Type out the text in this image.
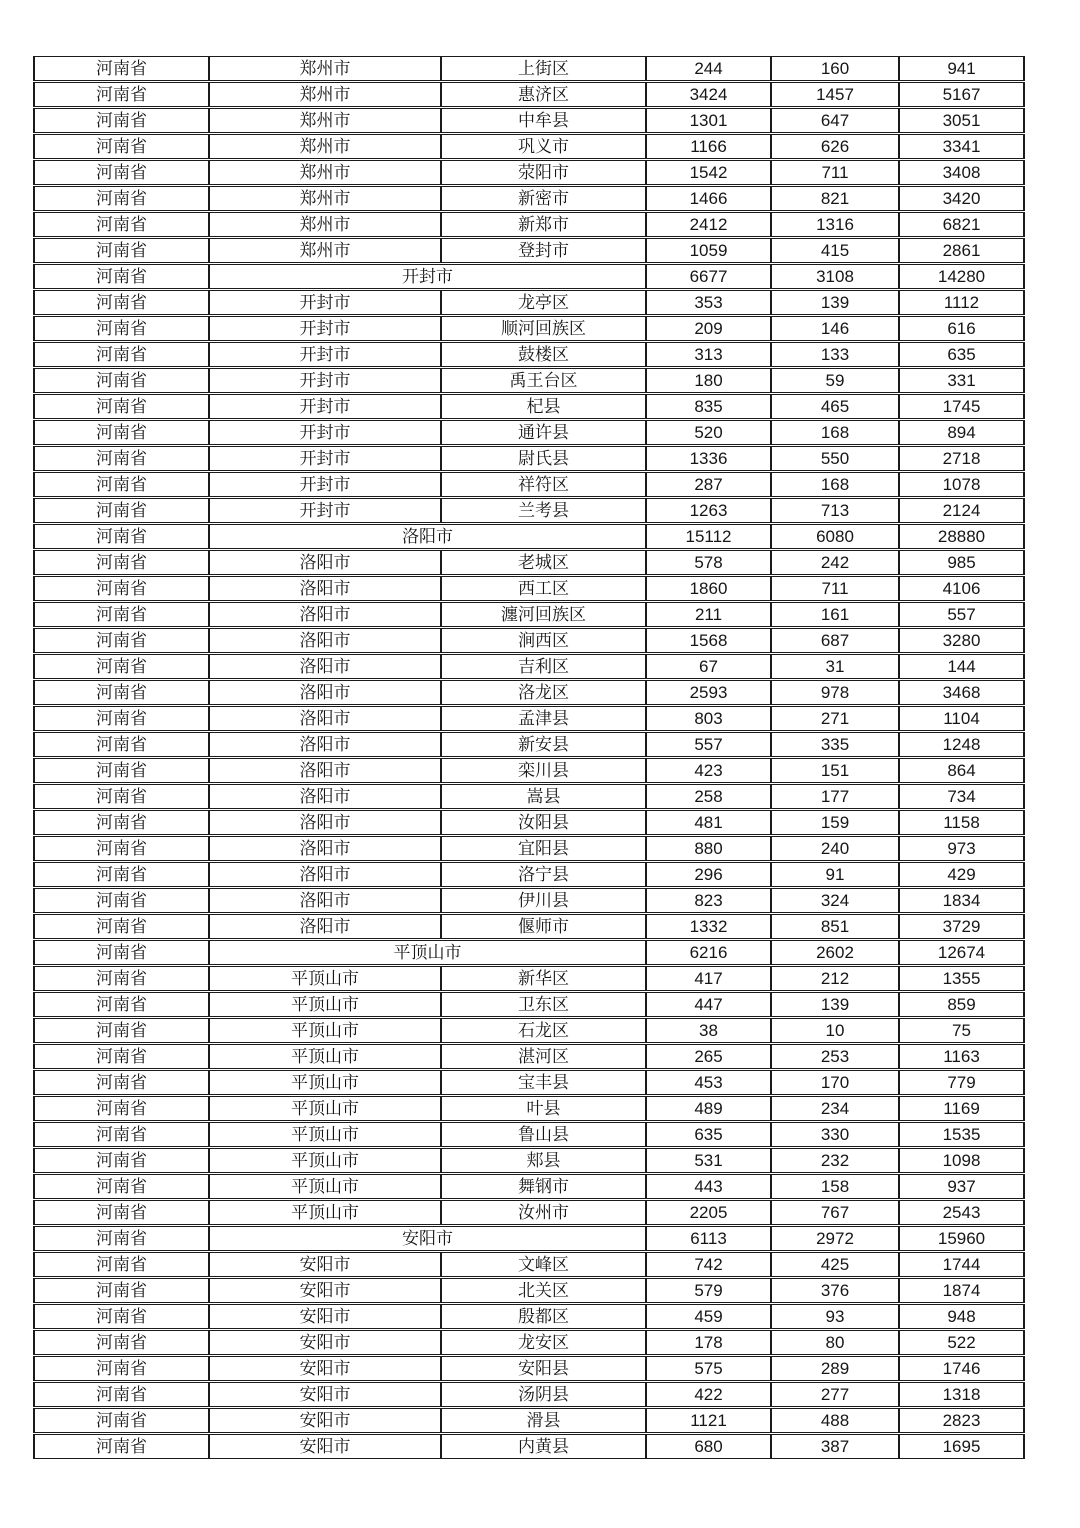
河南省	郑州市	上街区	244	160	941
河南省	郑州市	惠济区	3424	1457	5167
河南省	郑州市	中牟县	1301	647	3051
河南省	郑州市	巩义市	1166	626	3341
河南省	郑州市	荥阳市	1542	711	3408
河南省	郑州市	新密市	1466	821	3420
河南省	郑州市	新郑市	2412	1316	6821
河南省	郑州市	登封市	1059	415	2861
河南省	开封市		6677	3108	14280
河南省	开封市	龙亭区	353	139	1112
河南省	开封市	顺河回族区	209	146	616
河南省	开封市	鼓楼区	313	133	635
河南省	开封市	禹王台区	180	59	331
河南省	开封市	杞县	835	465	1745
河南省	开封市	通许县	520	168	894
河南省	开封市	尉氏县	1336	550	2718
河南省	开封市	祥符区	287	168	1078
河南省	开封市	兰考县	1263	713	2124
河南省	洛阳市		15112	6080	28880
河南省	洛阳市	老城区	578	242	985
河南省	洛阳市	西工区	1860	711	4106
河南省	洛阳市	瀍河回族区	211	161	557
河南省	洛阳市	涧西区	1568	687	3280
河南省	洛阳市	吉利区	67	31	144
河南省	洛阳市	洛龙区	2593	978	3468
河南省	洛阳市	孟津县	803	271	1104
河南省	洛阳市	新安县	557	335	1248
河南省	洛阳市	栾川县	423	151	864
河南省	洛阳市	嵩县	258	177	734
河南省	洛阳市	汝阳县	481	159	1158
河南省	洛阳市	宜阳县	880	240	973
河南省	洛阳市	洛宁县	296	91	429
河南省	洛阳市	伊川县	823	324	1834
河南省	洛阳市	偃师市	1332	851	3729
河南省	平顶山市		6216	2602	12674
河南省	平顶山市	新华区	417	212	1355
河南省	平顶山市	卫东区	447	139	859
河南省	平顶山市	石龙区	38	10	75
河南省	平顶山市	湛河区	265	253	1163
河南省	平顶山市	宝丰县	453	170	779
河南省	平顶山市	叶县	489	234	1169
河南省	平顶山市	鲁山县	635	330	1535
河南省	平顶山市	郏县	531	232	1098
河南省	平顶山市	舞钢市	443	158	937
河南省	平顶山市	汝州市	2205	767	2543
河南省	安阳市		6113	2972	15960
河南省	安阳市	文峰区	742	425	1744
河南省	安阳市	北关区	579	376	1874
河南省	安阳市	殷都区	459	93	948
河南省	安阳市	龙安区	178	80	522
河南省	安阳市	安阳县	575	289	1746
河南省	安阳市	汤阴县	422	277	1318
河南省	安阳市	滑县	1121	488	2823
河南省	安阳市	内黄县	680	387	1695
